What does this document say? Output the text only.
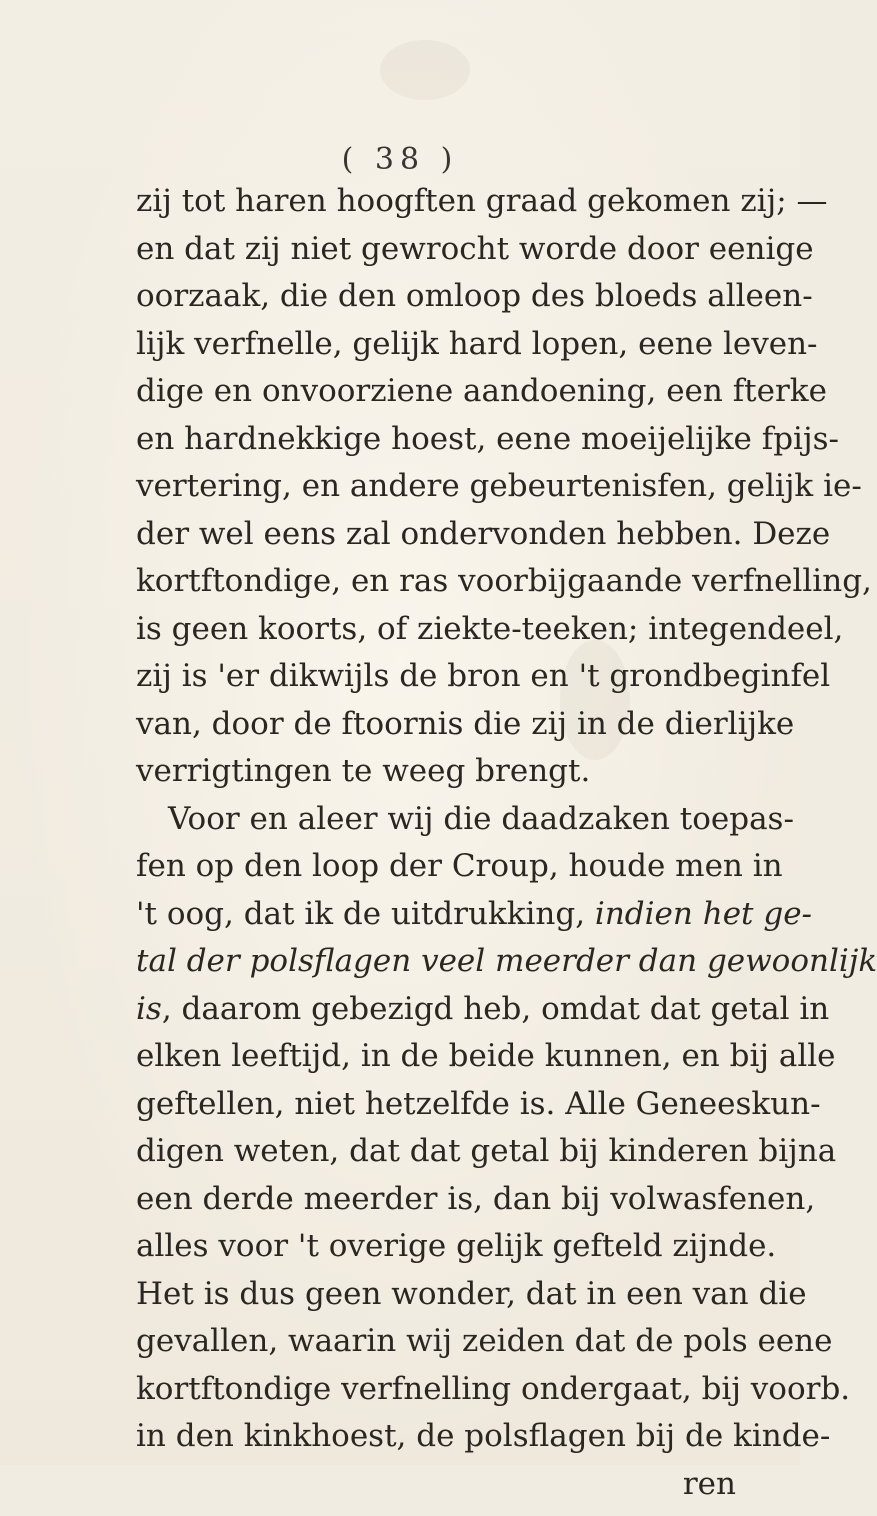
( 38 )
zij tot haren hoogften graad gekomen zij; —
en dat zij niet gewrocht worde door eenige
oorzaak, die den omloop des bloeds alleen-
lijk verfnelle, gelijk hard lopen, eene leven-
dige en onvoorziene aandoening, een fterke
en hardnekkige hoest, eene moeijelijke fpijs-
vertering, en andere gebeurtenisfen, gelijk ie-
der wel eens zal ondervonden hebben. Deze
kortftondige, en ras voorbijgaande verfnelling,
is geen koorts, of ziekte-teeken; integendeel,
zij is 'er dikwijls de bron en 't grondbeginfel
van, door de ftoornis die zij in de dierlijke
verrigtingen te weeg brengt.
Voor en aleer wij die daadzaken toepas-
fen op den loop der Croup, houde men in
't oog, dat ik de uitdrukking, indien het ge-
tal der polsflagen veel meerder dan gewoonlijk
is, daarom gebezigd heb, omdat dat getal in
elken leeftijd, in de beide kunnen, en bij alle
geftellen, niet hetzelfde is. Alle Geneeskun-
digen weten, dat dat getal bij kinderen bijna
een derde meerder is, dan bij volwasfenen,
alles voor 't overige gelijk gefteld zijnde.
Het is dus geen wonder, dat in een van die
gevallen, waarin wij zeiden dat de pols eene
kortftondige verfnelling ondergaat, bij voorb.
in den kinkhoest, de polsflagen bij de kinde-
ren
